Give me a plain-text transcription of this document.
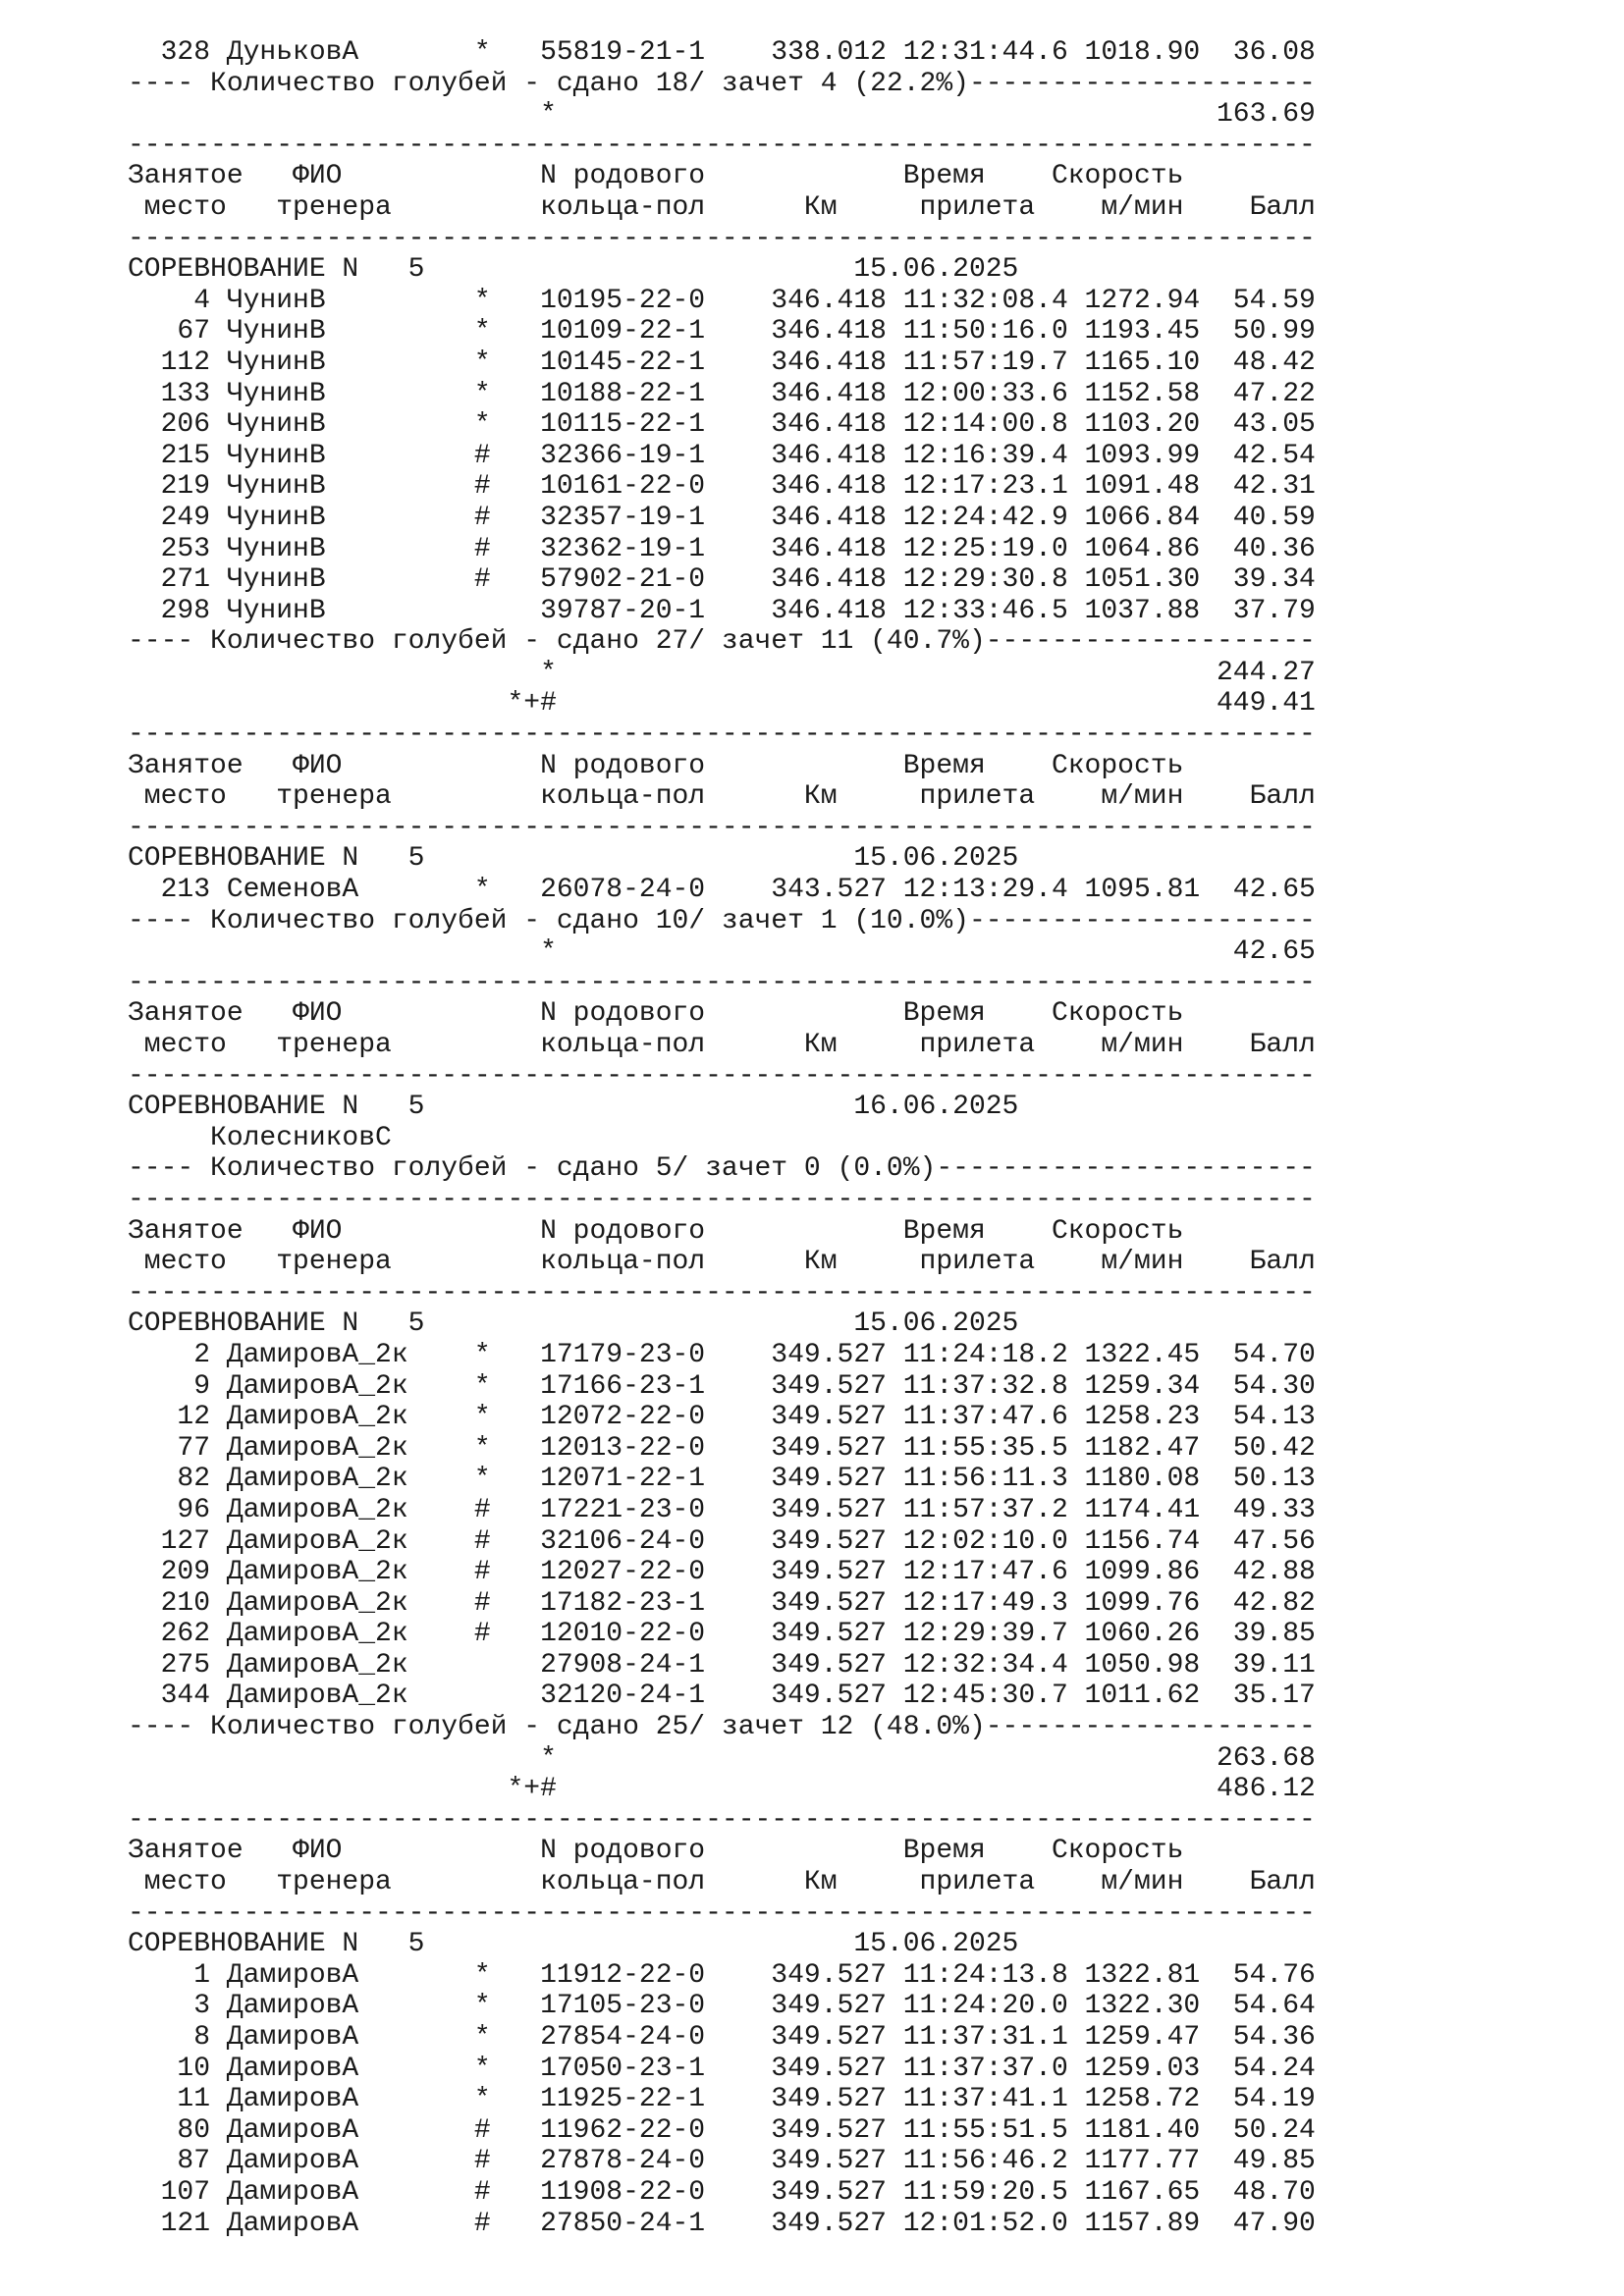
328 ДуньковА       *   55819-21-1    338.012 12:31:44.6 1018.90  36.08
---- Количество голубей - сдано 18/ зачет 4 (22.2%)---------------------
*                                        163.69
------------------------------------------------------------------------
Занятое   ФИО            N родового            Время    Скорость
место   тренера         кольца-пол      Км     прилета    м/мин    Балл
------------------------------------------------------------------------
СОРЕВНОВАНИЕ N   5                          15.06.2025
4 ЧунинВ         *   10195-22-0    346.418 11:32:08.4 1272.94  54.59
67 ЧунинВ         *   10109-22-1    346.418 11:50:16.0 1193.45  50.99
112 ЧунинВ         *   10145-22-1    346.418 11:57:19.7 1165.10  48.42
133 ЧунинВ         *   10188-22-1    346.418 12:00:33.6 1152.58  47.22
206 ЧунинВ         *   10115-22-1    346.418 12:14:00.8 1103.20  43.05
215 ЧунинВ         #   32366-19-1    346.418 12:16:39.4 1093.99  42.54
219 ЧунинВ         #   10161-22-0    346.418 12:17:23.1 1091.48  42.31
249 ЧунинВ         #   32357-19-1    346.418 12:24:42.9 1066.84  40.59
253 ЧунинВ         #   32362-19-1    346.418 12:25:19.0 1064.86  40.36
271 ЧунинВ         #   57902-21-0    346.418 12:29:30.8 1051.30  39.34
298 ЧунинВ             39787-20-1    346.418 12:33:46.5 1037.88  37.79
---- Количество голубей - сдано 27/ зачет 11 (40.7%)--------------------
*                                        244.27
*+#                                        449.41
------------------------------------------------------------------------
Занятое   ФИО            N родового            Время    Скорость
место   тренера         кольца-пол      Км     прилета    м/мин    Балл
------------------------------------------------------------------------
СОРЕВНОВАНИЕ N   5                          15.06.2025
213 СеменовА       *   26078-24-0    343.527 12:13:29.4 1095.81  42.65
---- Количество голубей - сдано 10/ зачет 1 (10.0%)---------------------
*                                         42.65
------------------------------------------------------------------------
Занятое   ФИО            N родового            Время    Скорость
место   тренера         кольца-пол      Км     прилета    м/мин    Балл
------------------------------------------------------------------------
СОРЕВНОВАНИЕ N   5                          16.06.2025
КолесниковС
---- Количество голубей - сдано 5/ зачет 0 (0.0%)-----------------------
------------------------------------------------------------------------
Занятое   ФИО            N родового            Время    Скорость
место   тренера         кольца-пол      Км     прилета    м/мин    Балл
------------------------------------------------------------------------
СОРЕВНОВАНИЕ N   5                          15.06.2025
2 ДамировА_2к    *   17179-23-0    349.527 11:24:18.2 1322.45  54.70
9 ДамировА_2к    *   17166-23-1    349.527 11:37:32.8 1259.34  54.30
12 ДамировА_2к    *   12072-22-0    349.527 11:37:47.6 1258.23  54.13
77 ДамировА_2к    *   12013-22-0    349.527 11:55:35.5 1182.47  50.42
82 ДамировА_2к    *   12071-22-1    349.527 11:56:11.3 1180.08  50.13
96 ДамировА_2к    #   17221-23-0    349.527 11:57:37.2 1174.41  49.33
127 ДамировА_2к    #   32106-24-0    349.527 12:02:10.0 1156.74  47.56
209 ДамировА_2к    #   12027-22-0    349.527 12:17:47.6 1099.86  42.88
210 ДамировА_2к    #   17182-23-1    349.527 12:17:49.3 1099.76  42.82
262 ДамировА_2к    #   12010-22-0    349.527 12:29:39.7 1060.26  39.85
275 ДамировА_2к        27908-24-1    349.527 12:32:34.4 1050.98  39.11
344 ДамировА_2к        32120-24-1    349.527 12:45:30.7 1011.62  35.17
---- Количество голубей - сдано 25/ зачет 12 (48.0%)--------------------
*                                        263.68
*+#                                        486.12
------------------------------------------------------------------------
Занятое   ФИО            N родового            Время    Скорость
место   тренера         кольца-пол      Км     прилета    м/мин    Балл
------------------------------------------------------------------------
СОРЕВНОВАНИЕ N   5                          15.06.2025
1 ДамировА       *   11912-22-0    349.527 11:24:13.8 1322.81  54.76
3 ДамировА       *   17105-23-0    349.527 11:24:20.0 1322.30  54.64
8 ДамировА       *   27854-24-0    349.527 11:37:31.1 1259.47  54.36
10 ДамировА       *   17050-23-1    349.527 11:37:37.0 1259.03  54.24
11 ДамировА       *   11925-22-1    349.527 11:37:41.1 1258.72  54.19
80 ДамировА       #   11962-22-0    349.527 11:55:51.5 1181.40  50.24
87 ДамировА       #   27878-24-0    349.527 11:56:46.2 1177.77  49.85
107 ДамировА       #   11908-22-0    349.527 11:59:20.5 1167.65  48.70
121 ДамировА       #   27850-24-1    349.527 12:01:52.0 1157.89  47.90
